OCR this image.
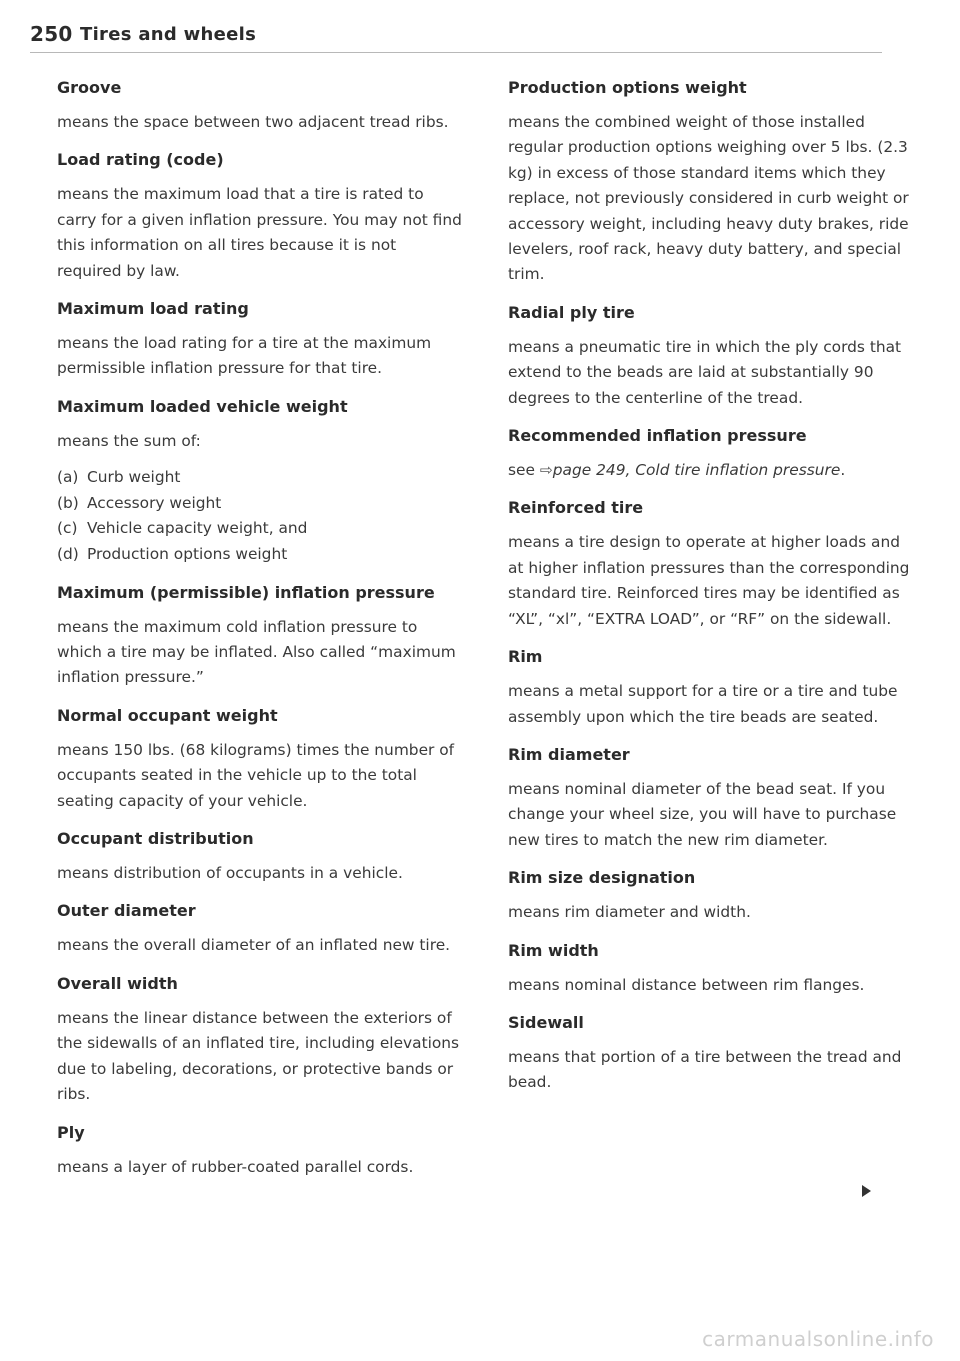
250 Tires and wheels

Groove

means the space between two adjacent tread ribs.

Load rating (code)

means the maximum load that a tire is rated to carry for a given inflation pressure. You may not find this information on all tires because it is not required by law.

Maximum load rating

means the load rating for a tire at the maximum permissible inflation pressure for that tire.

Maximum loaded vehicle weight

means the sum of:

(a) Curb weight
(b) Accessory weight
(c) Vehicle capacity weight, and
(d) Production options weight

Maximum (permissible) inflation pressure

means the maximum cold inflation pressure to which a tire may be inflated. Also called “maximum inflation pressure.”

Normal occupant weight

means 150 lbs. (68 kilograms) times the number of occupants seated in the vehicle up to the total seating capacity of your vehicle.

Occupant distribution

means distribution of occupants in a vehicle.

Outer diameter

means the overall diameter of an inflated new tire.

Overall width

means the linear distance between the exteriors of the sidewalls of an inflated tire, including elevations due to labeling, decorations, or protective bands or ribs.

Ply

means a layer of rubber-coated parallel cords.

Production options weight

means the combined weight of those installed regular production options weighing over 5 lbs. (2.3 kg) in excess of those standard items which they replace, not previously considered in curb weight or accessory weight, including heavy duty brakes, ride levelers, roof rack, heavy duty battery, and special trim.

Radial ply tire

means a pneumatic tire in which the ply cords that extend to the beads are laid at substantially 90 degrees to the centerline of the tread.

Recommended inflation pressure

see ⇨page 249, Cold tire inflation pressure.

Reinforced tire

means a tire design to operate at higher loads and at higher inflation pressures than the corresponding standard tire. Reinforced tires may be identified as “XL”, “xl”, “EXTRA LOAD”, or “RF” on the sidewall.

Rim

means a metal support for a tire or a tire and tube assembly upon which the tire beads are seated.

Rim diameter

means nominal diameter of the bead seat. If you change your wheel size, you will have to purchase new tires to match the new rim diameter.

Rim size designation

means rim diameter and width.

Rim width

means nominal distance between rim flanges.

Sidewall

means that portion of a tire between the tread and bead.

carmanualsonline.info
